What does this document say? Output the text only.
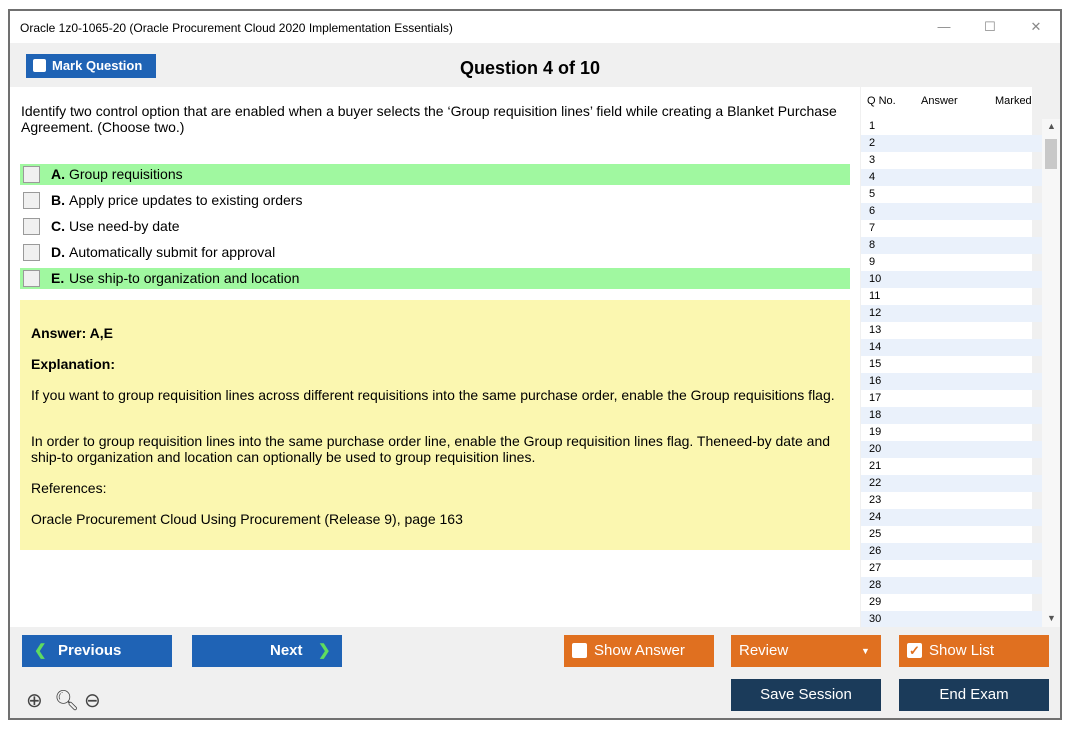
Oracle 1z0-1065-20 (Oracle Procurement Cloud 2020 Implementation Essentials)	—	☐	✕
Mark Question	Question 4 of 10
Identify two control option that are enabled when a buyer selects the ‘Group requisition lines’ field while creating a Blanket Purchase Agreement. (Choose two.)
A. Group requisitions
B. Apply price updates to existing orders
C. Use need-by date
D. Automatically submit for approval
E. Use ship-to organization and location
Answer: A,E
Explanation:
If you want to group requisition lines across different requisitions into the same purchase order, enable the Group requisitions flag.
In order to group requisition lines into the same purchase order line, enable the Group requisition lines flag. Theneed-by date and ship-to organization and location can optionally be used to group requisition lines.
References:
Oracle Procurement Cloud Using Procurement (Release 9), page 163
Q No. Answer	Marked
1
2
3
4
5
6
7
8
9
10
11
12
13
14
15
16
17
18
19
20
21
22
23
24
25
26
27
28
29
30
▲
▼
❮ Previous	Next ❯	Show Answer	Review	▼
✓	Show List
Save Session	End Exam
⊕ 🔍︎ ⊖
